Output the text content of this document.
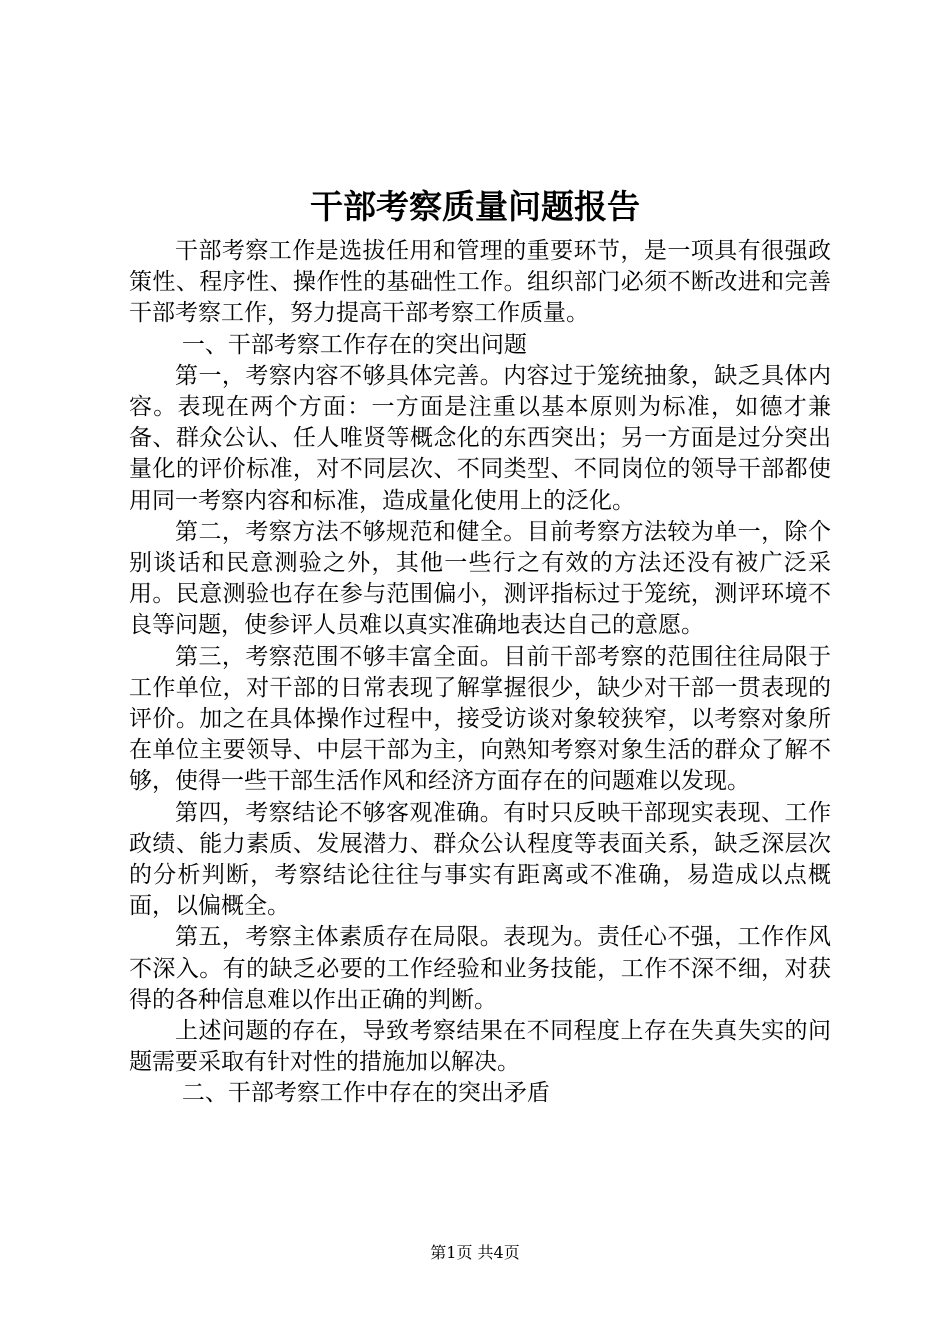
干部考察质量问题报告

干部考察工作是选拔任用和管理的重要环节，是一项具有很强政策性、程序性、操作性的基础性工作。组织部门必须不断改进和完善干部考察工作，努力提高干部考察工作质量。

一、干部考察工作存在的突出问题

第一，考察内容不够具体完善。内容过于笼统抽象，缺乏具体内容。表现在两个方面：一方面是注重以基本原则为标准，如德才兼备、群众公认、任人唯贤等概念化的东西突出；另一方面是过分突出量化的评价标准，对不同层次、不同类型、不同岗位的领导干部都使用同一考察内容和标准，造成量化使用上的泛化。

第二，考察方法不够规范和健全。目前考察方法较为单一，除个别谈话和民意测验之外，其他一些行之有效的方法还没有被广泛采用。民意测验也存在参与范围偏小，测评指标过于笼统，测评环境不良等问题，使参评人员难以真实准确地表达自己的意愿。

第三，考察范围不够丰富全面。目前干部考察的范围往往局限于工作单位，对干部的日常表现了解掌握很少，缺少对干部一贯表现的评价。加之在具体操作过程中，接受访谈对象较狭窄，以考察对象所在单位主要领导、中层干部为主，向熟知考察对象生活的群众了解不够，使得一些干部生活作风和经济方面存在的问题难以发现。

第四，考察结论不够客观准确。有时只反映干部现实表现、工作政绩、能力素质、发展潜力、群众公认程度等表面关系，缺乏深层次的分析判断，考察结论往往与事实有距离或不准确，易造成以点概面，以偏概全。

第五，考察主体素质存在局限。表现为。责任心不强，工作作风不深入。有的缺乏必要的工作经验和业务技能，工作不深不细，对获得的各种信息难以作出正确的判断。

上述问题的存在，导致考察结果在不同程度上存在失真失实的问题需要采取有针对性的措施加以解决。

二、干部考察工作中存在的突出矛盾

第1页 共4页
